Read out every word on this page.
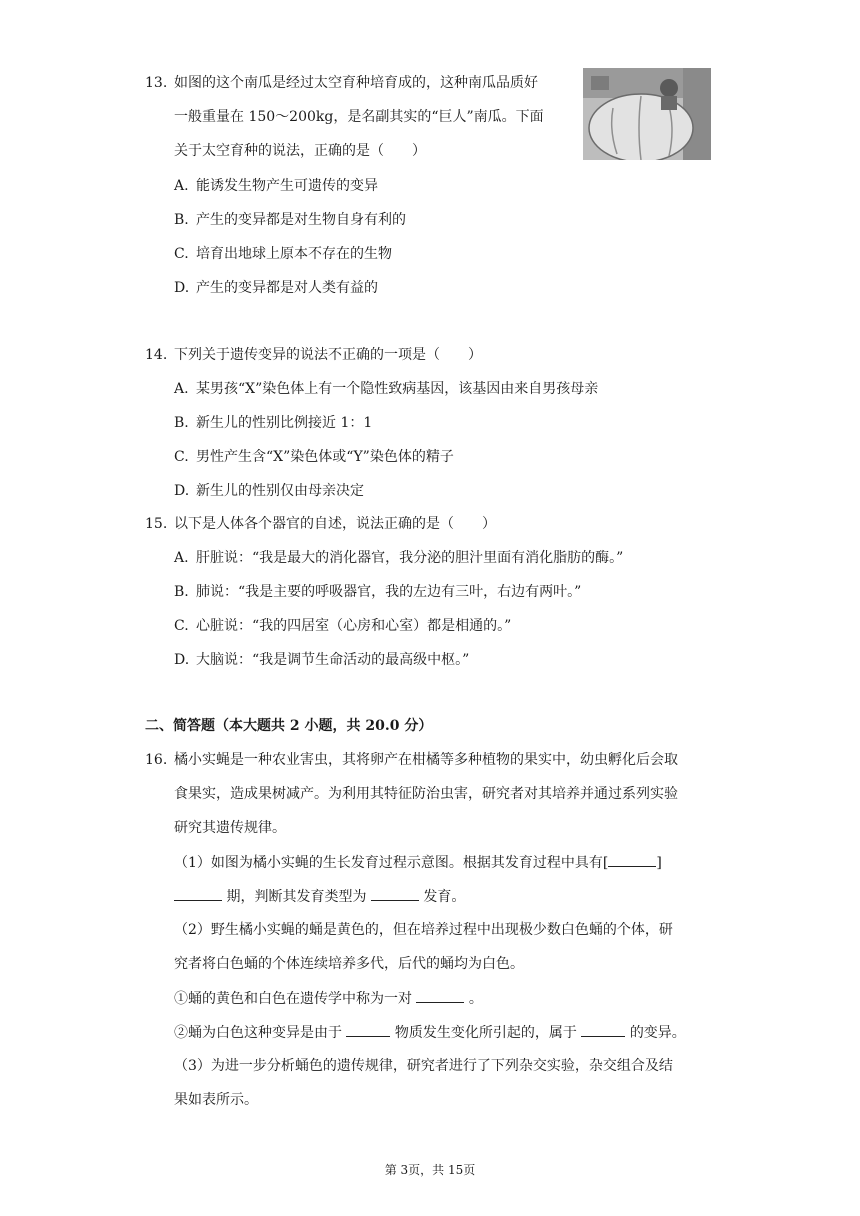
13. 如图的这个南瓜是经过太空育种培育成的，这种南瓜品质好
一般重量在 150～200kg，是名副其实的“巨人”南瓜。下面
关于太空育种的说法，正确的是（　　）
A. 能诱发生物产生可遗传的变异
B. 产生的变异都是对生物自身有利的
C. 培育出地球上原本不存在的生物
D. 产生的变异都是对人类有益的
14. 下列关于遗传变异的说法不正确的一项是（　　）
A. 某男孩“X”染色体上有一个隐性致病基因，该基因由来自男孩母亲
B. 新生儿的性别比例接近 1：1
C. 男性产生含“X”染色体或“Y”染色体的精子
D. 新生儿的性别仅由母亲决定
15. 以下是人体各个器官的自述，说法正确的是（　　）
A. 肝脏说：“我是最大的消化器官，我分泌的胆汁里面有消化脂肪的酶。”
B. 肺说：“我是主要的呼吸器官，我的左边有三叶，右边有两叶。”
C. 心脏说：“我的四居室（心房和心室）都是相通的。”
D. 大脑说：“我是调节生命活动的最高级中枢。”
二、简答题（本大题共 2 小题，共 20.0 分）
16. 橘小实蝇是一种农业害虫，其将卵产在柑橘等多种植物的果实中，幼虫孵化后会取
食果实，造成果树减产。为利用其特征防治虫害，研究者对其培养并通过系列实验
研究其遗传规律。
（1）如图为橘小实蝇的生长发育过程示意图。根据其发育过程中具有[	]
期，判断其发育类型为	发育。
（2）野生橘小实蝇的蛹是黄色的，但在培养过程中出现极少数白色蛹的个体，研
究者将白色蛹的个体连续培养多代，后代的蛹均为白色。
①蛹的黄色和白色在遗传学中称为一对	。
②蛹为白色这种变异是由于	物质发生变化所引起的，属于	的变异。
（3）为进一步分析蛹色的遗传规律，研究者进行了下列杂交实验，杂交组合及结
果如表所示。
第 3页，共 15页
